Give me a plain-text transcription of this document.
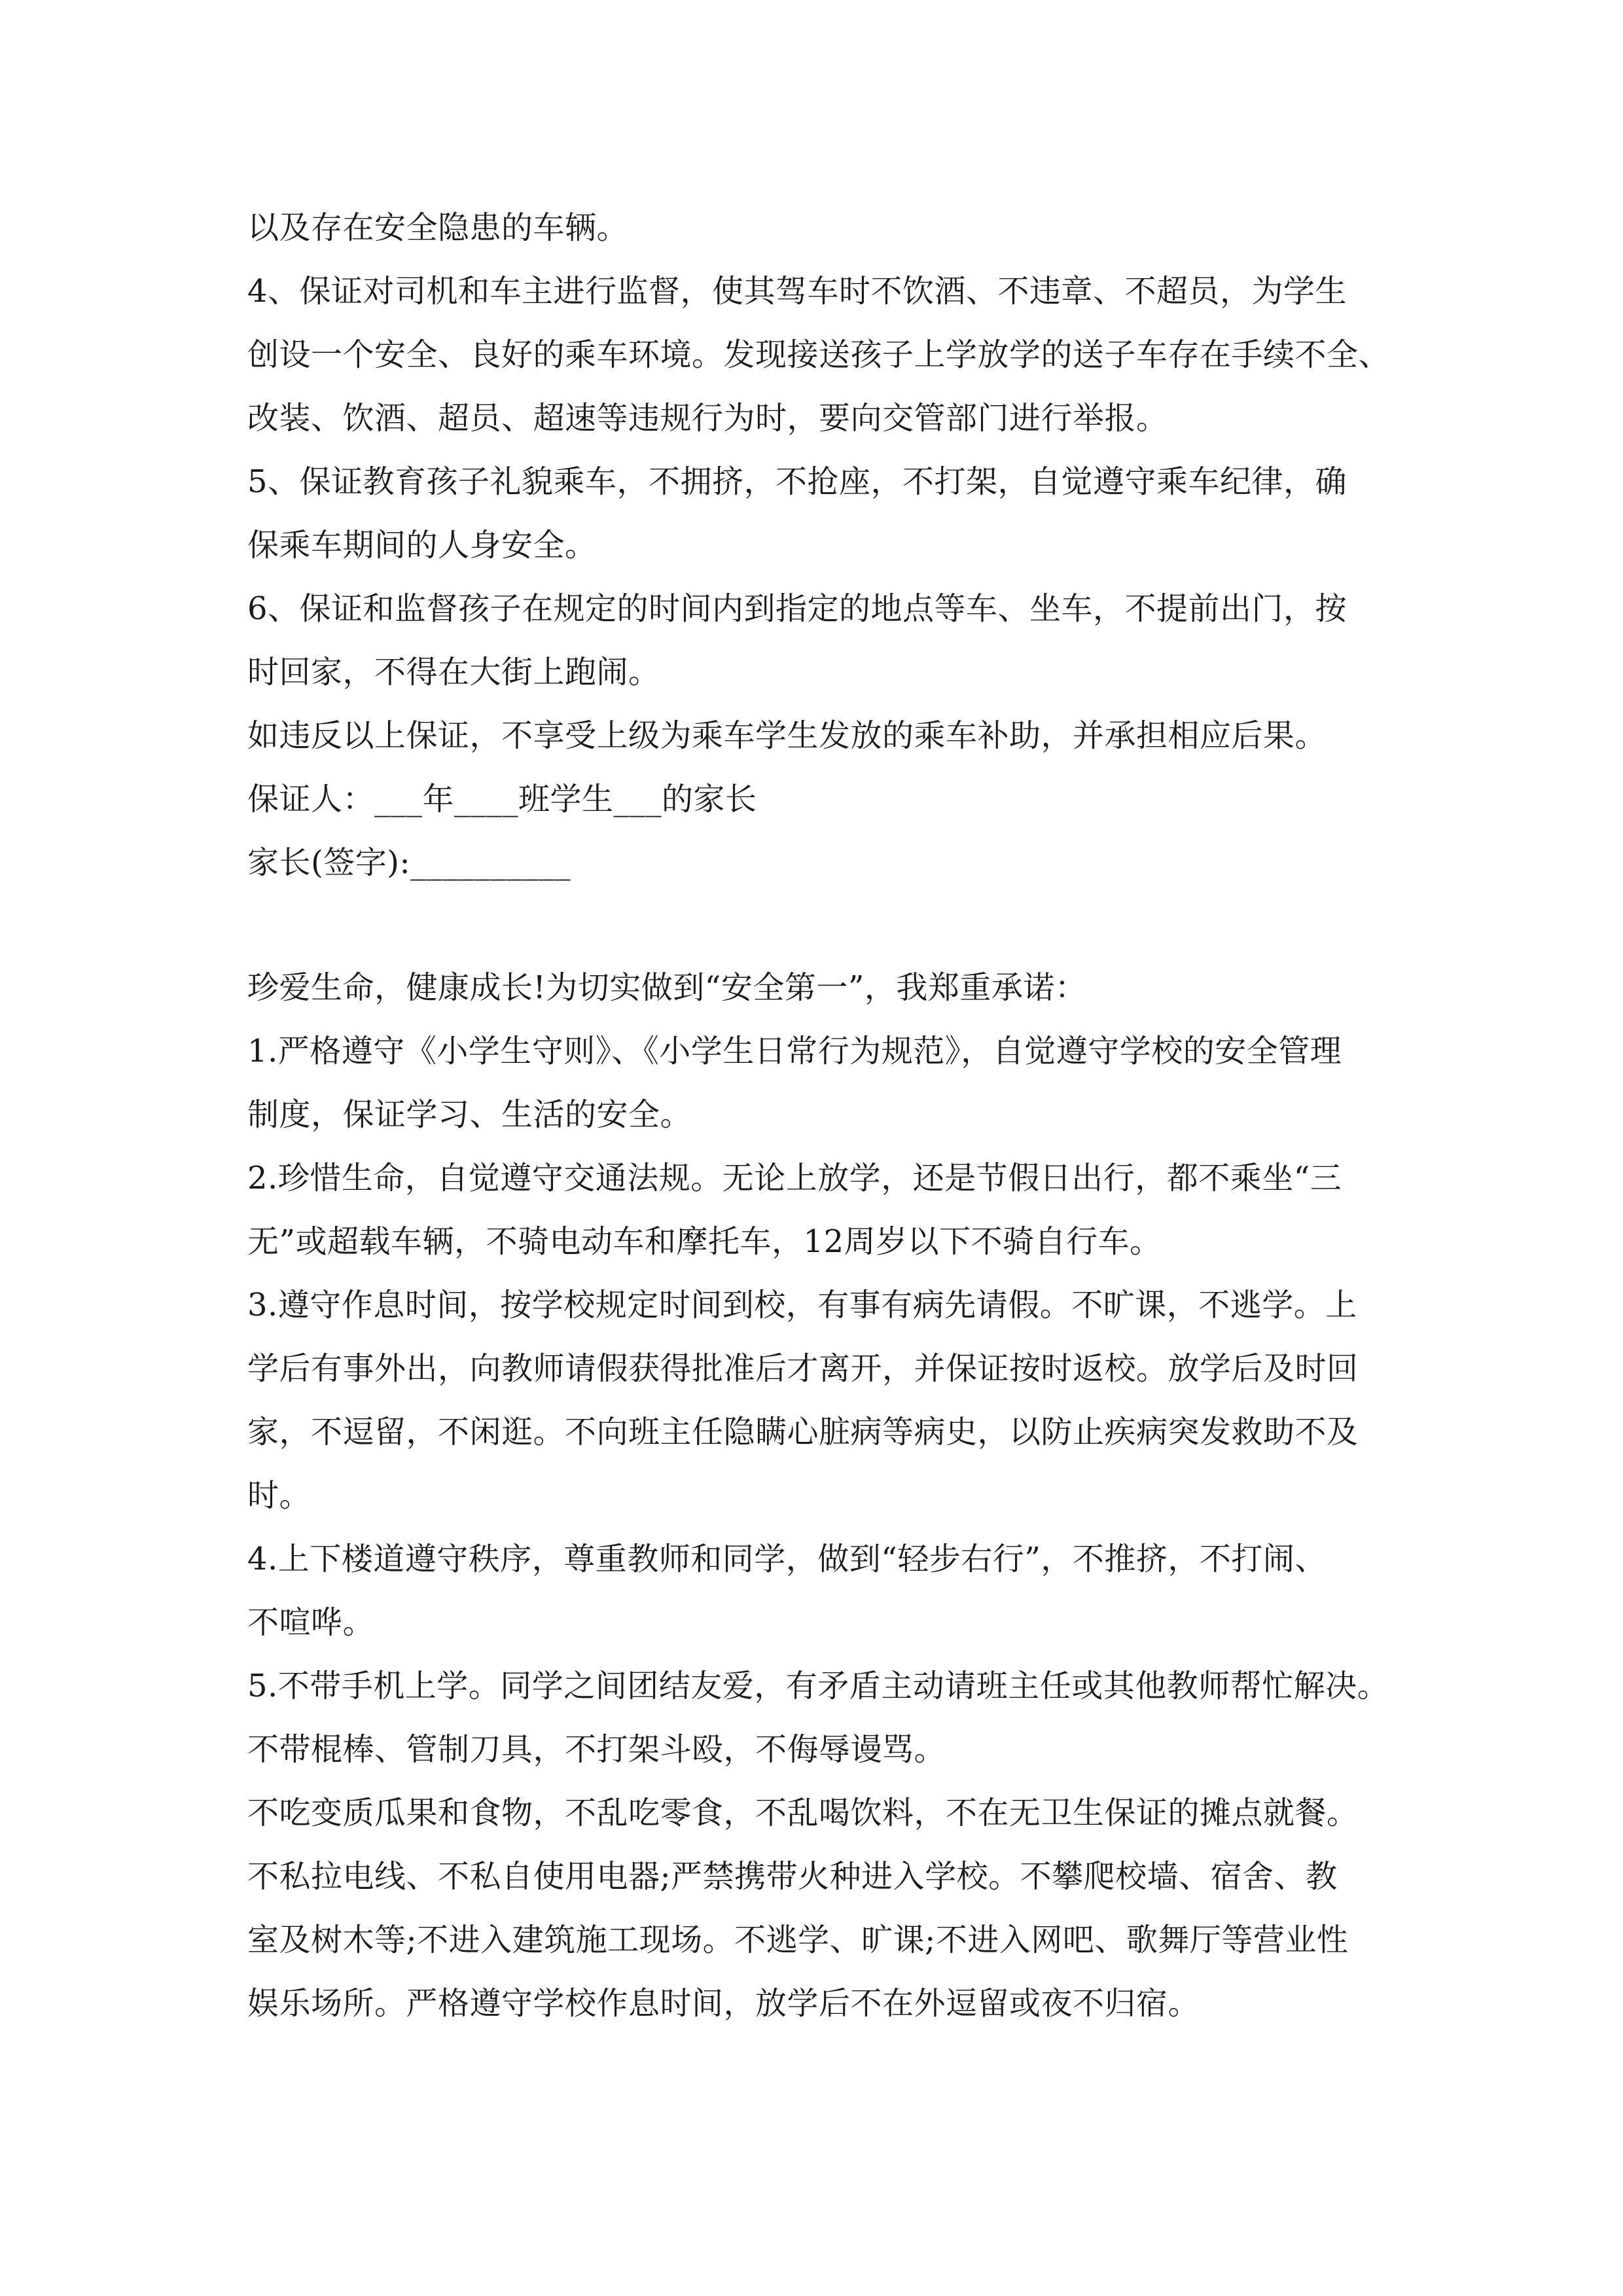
以及存在安全隐患的车辆。
4、保证对司机和车主进行监督，使其驾车时不饮酒、不违章、不超员，为学生
创设一个安全、良好的乘车环境。发现接送孩子上学放学的送子车存在手续不全、
改装、饮酒、超员、超速等违规行为时，要向交管部门进行举报。
5、保证教育孩子礼貌乘车，不拥挤，不抢座，不打架，自觉遵守乘车纪律，确
保乘车期间的人身安全。
6、保证和监督孩子在规定的时间内到指定的地点等车、坐车，不提前出门，按
时回家，不得在大街上跑闹。
如违反以上保证，不享受上级为乘车学生发放的乘车补助，并承担相应后果。
保证人：___年____班学生___的家长
家长(签字):__________
珍爱生命，健康成长!为切实做到“安全第一”，我郑重承诺：
1.严格遵守《小学生守则》、《小学生日常行为规范》，自觉遵守学校的安全管理
制度，保证学习、生活的安全。
2.珍惜生命，自觉遵守交通法规。无论上放学，还是节假日出行，都不乘坐“三
无”或超载车辆，不骑电动车和摩托车，12周岁以下不骑自行车。
3.遵守作息时间，按学校规定时间到校，有事有病先请假。不旷课，不逃学。上
学后有事外出，向教师请假获得批准后才离开，并保证按时返校。放学后及时回
家，不逗留，不闲逛。不向班主任隐瞒心脏病等病史，以防止疾病突发救助不及
时。
4.上下楼道遵守秩序，尊重教师和同学，做到“轻步右行”，不推挤，不打闹、
不喧哗。
5.不带手机上学。同学之间团结友爱，有矛盾主动请班主任或其他教师帮忙解决。
不带棍棒、管制刀具，不打架斗殴，不侮辱谩骂。
不吃变质瓜果和食物，不乱吃零食，不乱喝饮料，不在无卫生保证的摊点就餐。
不私拉电线、不私自使用电器;严禁携带火种进入学校。不攀爬校墙、宿舍、教
室及树木等;不进入建筑施工现场。不逃学、旷课;不进入网吧、歌舞厅等营业性
娱乐场所。严格遵守学校作息时间，放学后不在外逗留或夜不归宿。
